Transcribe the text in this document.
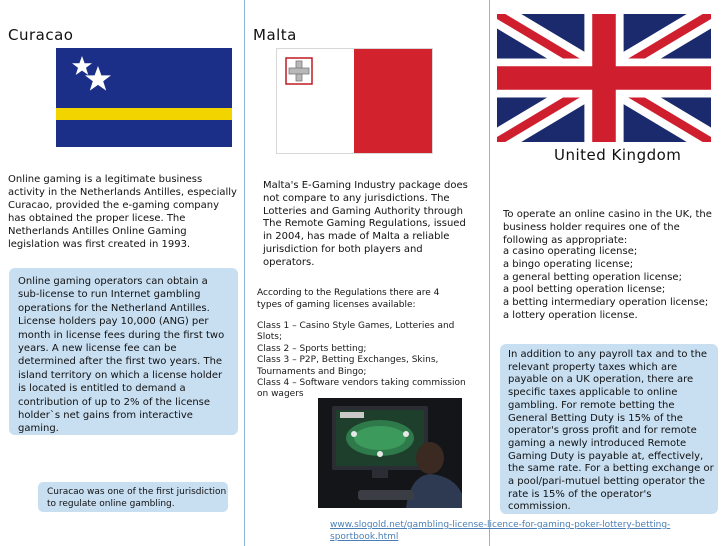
Curacao
Online gaming is a legitimate business activity in the Netherlands Antilles, especially Curacao, provided the e-gaming company has obtained the proper licese. The Netherlands Antilles Online Gaming legislation was first created in 1993.
Online gaming operators can obtain a sub-license to run Internet gambling operations for the Netherland Antilles. License holders pay 10,000 (ANG) per month in license fees during the first two years. A new license fee can be determined after the first two years. The island territory on which a license holder is located is entitled to demand a contribution of up to 2% of the license holder`s net gains from interactive gaming.
Curacao was one of the first jurisdiction to regulate online gambling.
Malta
Malta's E-Gaming Industry package does not compare to any jurisdictions. The Lotteries and Gaming Authority through The Remote Gaming Regulations, issued in 2004, has made of Malta a reliable jurisdiction for both players and operators.
According to the Regulations there are 4 types of gaming licenses available:
Class 1 – Casino Style Games, Lotteries and Slots;
Class 2 – Sports betting;
Class 3 – P2P, Betting Exchanges, Skins, Tournaments and Bingo;
Class 4 – Software vendors taking commission on wagers
United Kingdom
To operate an online casino in the UK, the business holder requires one of the following as appropriate:
a casino operating license;
a bingo operating license;
a general betting operation license;
a pool betting operation license;
a betting intermediary operation license;
a lottery operation license.
In addition to any payroll tax and to the relevant property taxes which are payable on a UK operation, there are specific taxes applicable to online gambling. For remote betting the General Betting Duty is 15% of the operator's gross profit and for remote gaming a newly introduced Remote Gaming Duty is payable at, effectively, the same rate. For a betting exchange or a pool/pari-mutuel betting operator the rate is 15% of the operator's commission.
www.slogold.net/gambling-license-licence-for-gaming-poker-lottery-betting-sportbook.html
